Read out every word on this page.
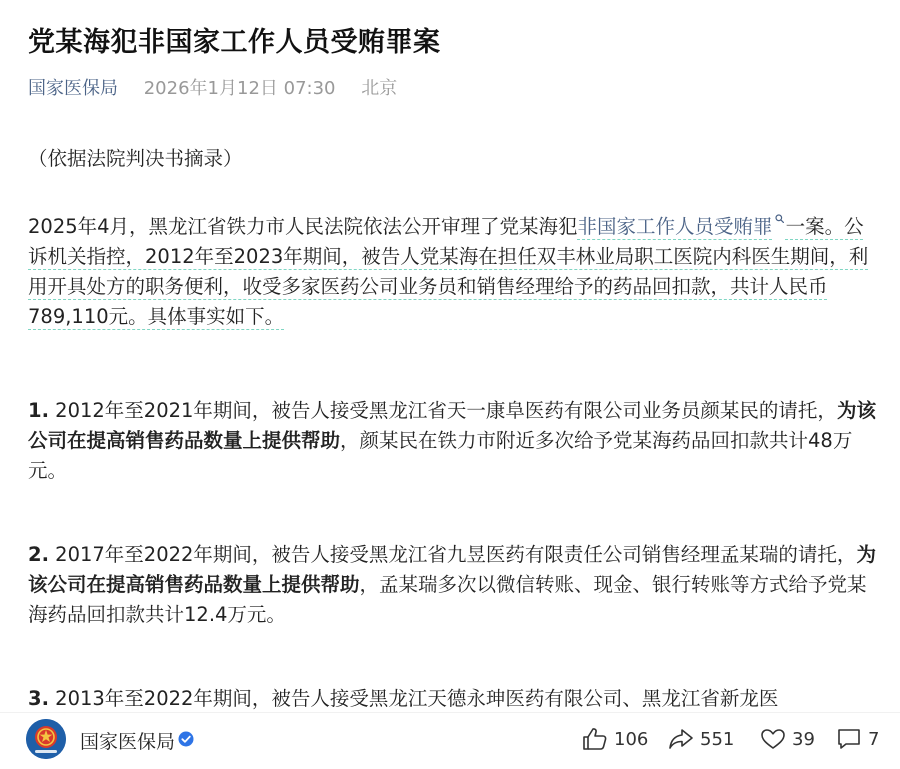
党某海犯非国家工作人员受贿罪案
国家医保局 2026年1月12日 07:30 北京

（依据法院判决书摘录）

2025年4月，黑龙江省铁力市人民法院依法公开审理了党某海犯非国家工作人员受贿罪 一案。公诉机关指控，2012年至2023年期间，被告人党某海在担任双丰林业局职工医院内科医生期间，利用开具处方的职务便利，收受多家医药公司业务员和销售经理给予的药品回扣款，共计人民币789,110元。具体事实如下。

1. 2012年至2021年期间，被告人接受黑龙江省天一康阜医药有限公司业务员颜某民的请托，为该公司在提高销售药品数量上提供帮助，颜某民在铁力市附近多次给予党某海药品回扣款共计48万元。

2. 2017年至2022年期间，被告人接受黑龙江省九昱医药有限责任公司销售经理孟某瑞的请托，为该公司在提高销售药品数量上提供帮助，孟某瑞多次以微信转账、现金、银行转账等方式给予党某海药品回扣款共计12.4万元。

3. 2013年至2022年期间，被告人接受黑龙江天德永珅医药有限公司、黑龙江省新龙医

国家医保局	106	551	39	7
